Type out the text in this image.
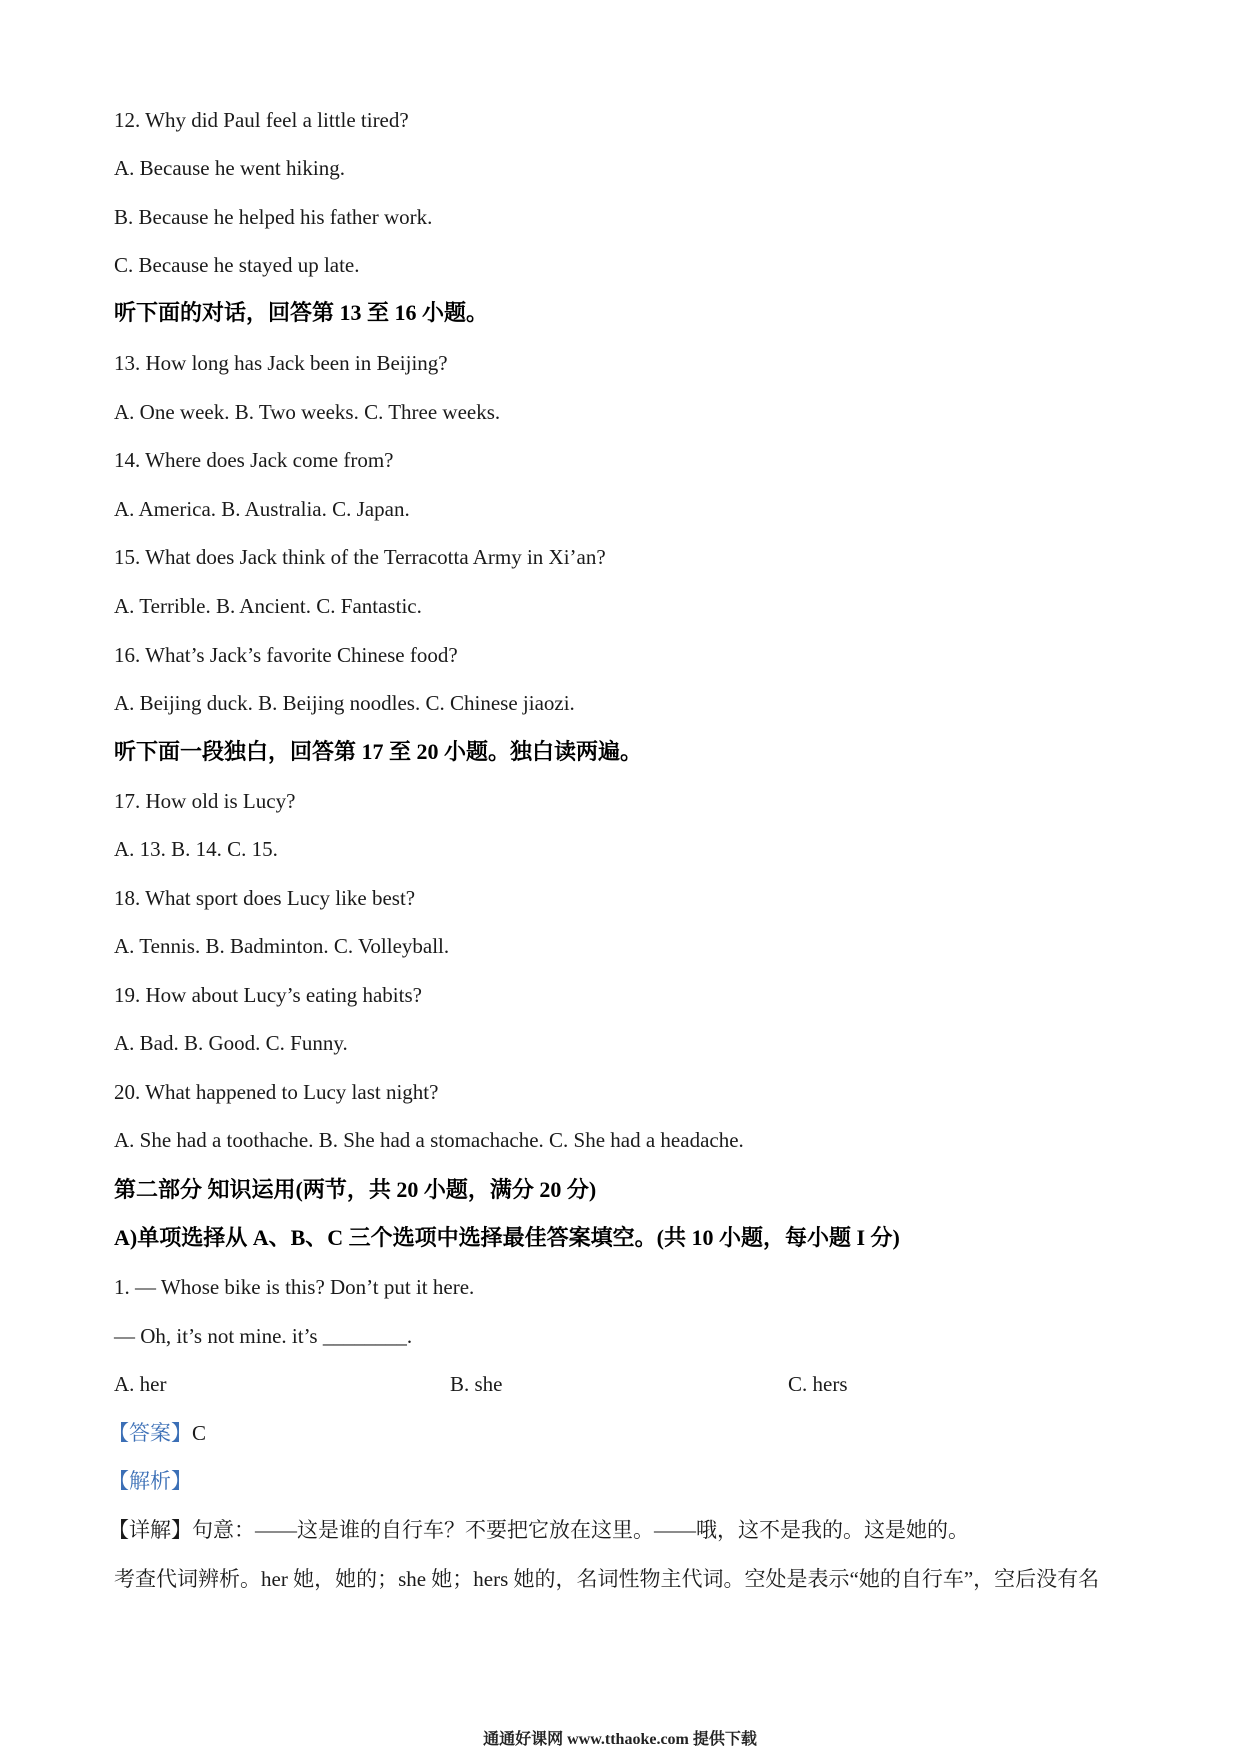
12. Why did Paul feel a little tired?
A. Because he went hiking.
B. Because he helped his father work.
C. Because he stayed up late.
听下面的对话，回答第 13 至 16 小题。
13. How long has Jack been in Beijing?
A. One week. B. Two weeks. C. Three weeks.
14. Where does Jack come from?
A. America. B. Australia. C. Japan.
15. What does Jack think of the Terracotta Army in Xi’an?
A. Terrible. B. Ancient. C. Fantastic.
16. What’s Jack’s favorite Chinese food?
A. Beijing duck. B. Beijing noodles. C. Chinese jiaozi.
听下面一段独白，回答第 17 至 20 小题。独白读两遍。
17. How old is Lucy?
A. 13. B. 14. C. 15.
18. What sport does Lucy like best?
A. Tennis. B. Badminton. C. Volleyball.
19. How about Lucy’s eating habits?
A. Bad. B. Good. C. Funny.
20. What happened to Lucy last night?
A. She had a toothache. B. She had a stomachache. C. She had a headache.
第二部分 知识运用(两节，共 20 小题，满分 20 分)
A)单项选择从 A、B、C 三个选项中选择最佳答案填空。(共 10 小题，每小题 I 分)
1. — Whose bike is this? Don’t put it here.
— Oh, it’s not mine. it’s ________.
A. her	B. she	C. hers
【答案】C
【解析】
【详解】句意：——这是谁的自行车？不要把它放在这里。——哦，这不是我的。这是她的。
考查代词辨析。her 她，她的；she 她；hers 她的，名词性物主代词。空处是表示“她的自行车”，空后没有名
通通好课网 www.tthaoke.com 提供下载
